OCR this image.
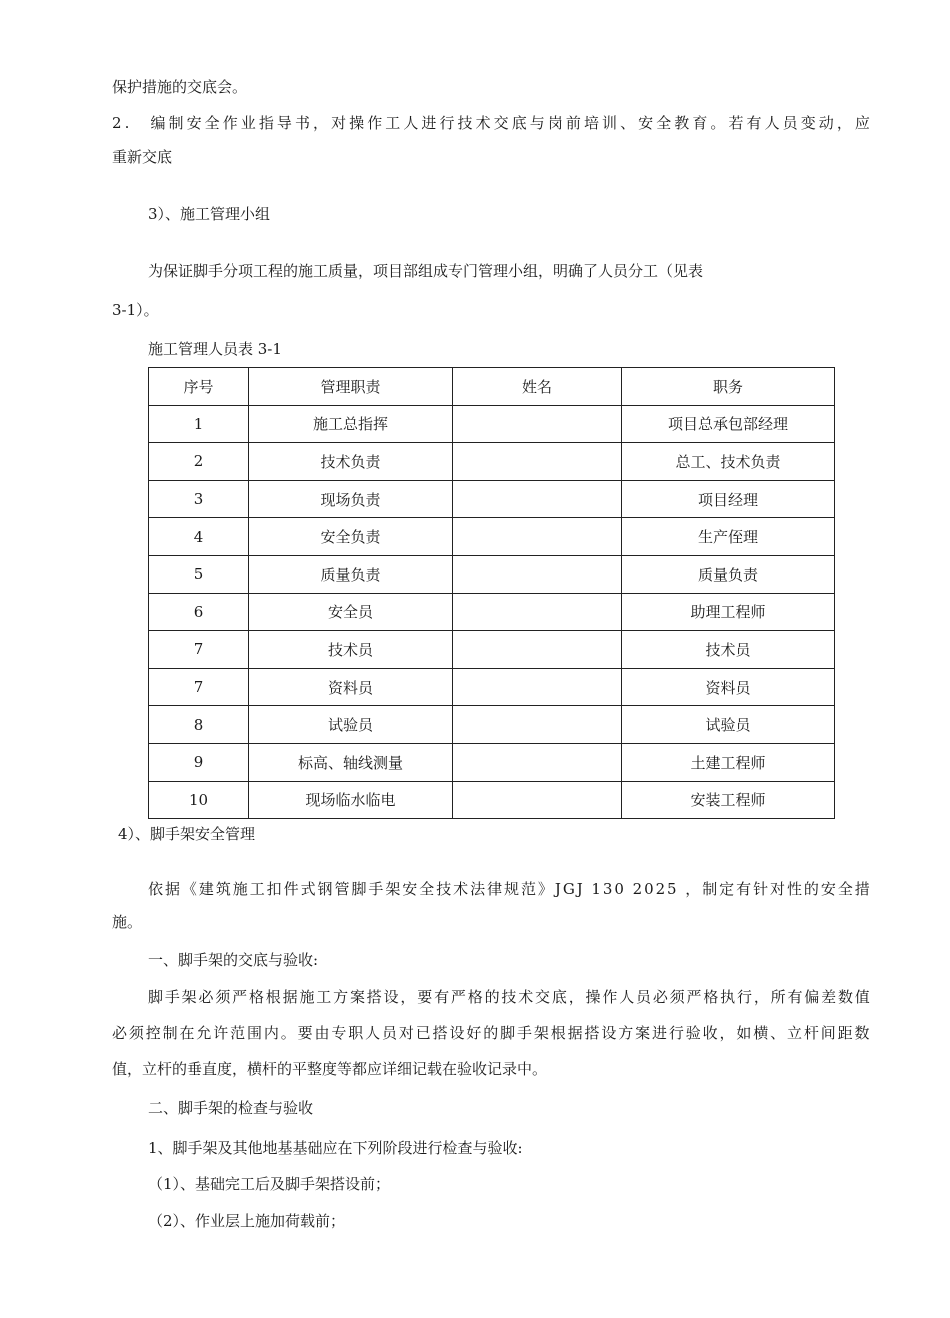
保护措施的交底会。
2 .
　 编 制 安 全 作 业 指 导 书 ， 对 操 作 工 人 进 行 技 术 交 底 与 岗 前 培 训 、 安 全 教 育 。 若 有 人 员 变 动 ， 应
重新交底
3）、施工管理小组
为保证脚手分项工程的施工质量，项目部组成专门管理小组，明确了人员分工（见表
3-1）。
施工管理人员表 3-1
序号	管理职责	姓名	职务
1	施工总指挥		项目总承包部经理
2	技术负责		总工、技术负责
3	现场负责		项目经理
4	安全负责		生产侄理
5	质量负责		质量负责
6	安全员		助理工程师
7	技术员		技术员
7	资料员		资料员
8	试验员		试验员
9	标高、轴线测量		土建工程师
10	现场临水临电		安装工程师
4）、脚手架安全管理
依 据 《 建 筑 施 工 扣 件 式 钢 管 脚 手 架 安 全 技 术 法 律 规 范 》 J G J
1 3 0
2 0 2 5
， 制 定 有 针 对 性 的 安 全 措
施。
一、脚手架的交底与验收:
脚 手 架 必 须 严 格 根 据 施 工 方 案 搭 设 ， 要 有 严 格 的 技 术 交 底 ， 操 作 人 员 必 须 严 格 执 行 ， 所 有 偏 差 数 值
必 须 控 制 在 允 许 范 围 内 。 要 由 专 职 人 员 对 已 搭 设 好 的 脚 手 架 根 据 搭 设 方 案 进 行 验 收 ， 如 横 、 立 杆 间 距 数
值，立杆的垂直度，横杆的平整度等都应详细记载在验收记录中。
二、脚手架的检查与验收
1、脚手架及其他地基基础应在下列阶段进行检查与验收:
（1）、基础完工后及脚手架搭设前；
（2）、作业层上施加荷载前；
